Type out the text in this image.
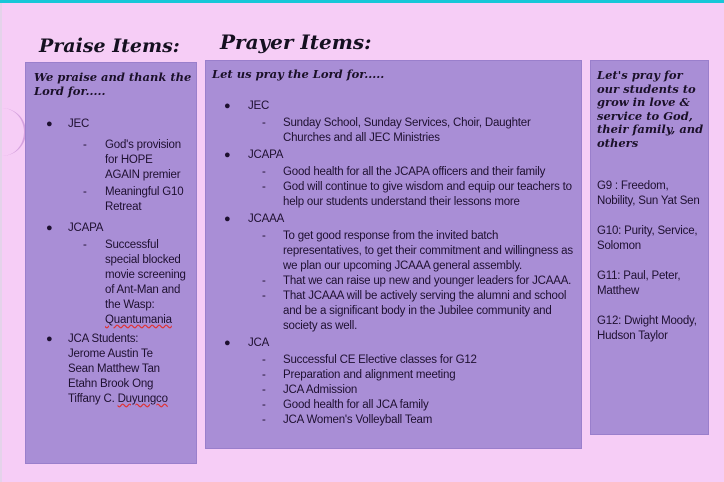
Praise Items: Prayer Items:
We praise and thank the Lord for.....
●	JEC
- God's provision for HOPE AGAIN premier
- Meaningful G10 Retreat
●	JCAPA
- Successful special blocked movie screening of Ant-Man and the Wasp: Quantumania
●	JCA Students:
Jerome Austin Te
Sean Matthew Tan
Etahn Brook Ong
Tiffany C. Duyungco
Let us pray the Lord for.....
●	JEC
- Sunday School, Sunday Services, Choir, Daughter Churches and all JEC Ministries
●	JCAPA
- Good health for all the JCAPA officers and their family
- God will continue to give wisdom and equip our teachers to help our students understand their lessons more
●	JCAAA
- To get good response from the invited batch representatives, to get their commitment and willingness as we plan our upcoming JCAAA general assembly.
- That we can raise up new and younger leaders for JCAAA.
- That JCAAA will be actively serving the alumni and school and be a significant body in the Jubilee community and society as well.
●	JCA
- Successful CE Elective classes for G12
- Preparation and alignment meeting
- JCA Admission
- Good health for all JCA family
- JCA Women's Volleyball Team
Let's pray for our students to grow in love & service to God, their family, and others
G9 : Freedom, Nobility, Sun Yat Sen
G10: Purity, Service, Solomon
G11: Paul, Peter, Matthew
G12: Dwight Moody, Hudson Taylor
